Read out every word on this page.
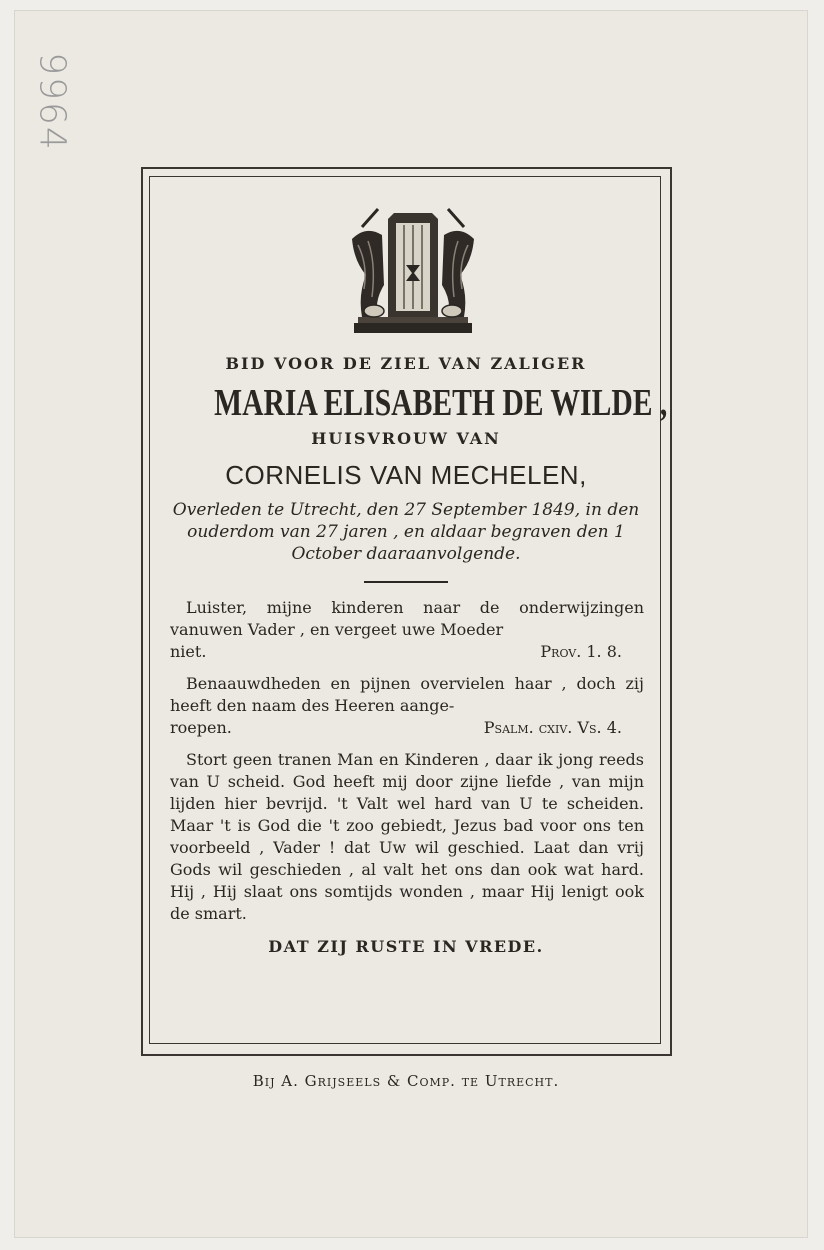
9964
BID VOOR DE ZIEL VAN ZALIGER
MARIA ELISABETH DE WILDE ,
HUISVROUW VAN
CORNELIS VAN MECHELEN,
Overleden te Utrecht, den 27 September 1849, in den ouderdom van 27 jaren , en aldaar begraven den 1 October daaraanvolgende.
Luister, mijne kinderen naar de onderwijzingen vanuwen Vader , en vergeet uwe Moeder
niet.	Prov. 1. 8.
Benaauwdheden en pijnen overvielen haar , doch zij heeft den naam des Heeren aange-
roepen.	Psalm. cxiv. Vs. 4.
Stort geen tranen Man en Kinderen , daar ik jong reeds van U scheid. God heeft mij door zijne liefde , van mijn lijden hier bevrijd. 't Valt wel hard van U te scheiden. Maar 't is God die 't zoo gebiedt, Jezus bad voor ons ten voorbeeld , Vader ! dat Uw wil geschied. Laat dan vrij Gods wil geschieden , al valt het ons dan ook wat hard. Hij , Hij slaat ons somtijds wonden , maar Hij lenigt ook de smart.
DAT ZIJ RUSTE IN VREDE.
Bij A. Grijseels & Comp. te Utrecht.
